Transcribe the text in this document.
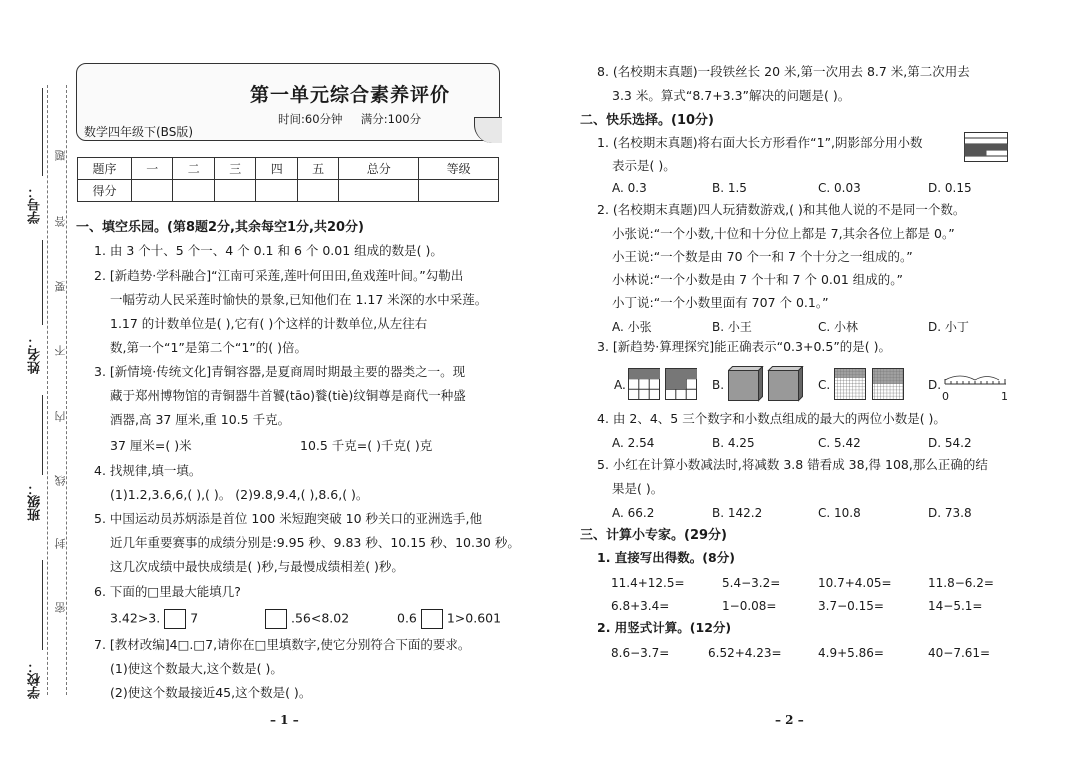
学校：
班级：
姓名：
学号：
题
答
要
不
内
线
封
密
第一单元综合素养评价
时间:60分钟 满分:100分
数学四年级下(BS版)
题序	一	二	三	四	五	总分	等级
得分							
一、填空乐园。(第8题2分,其余每空1分,共20分)
1. 由 3 个十、5 个一、4 个 0.1 和 6 个 0.01 组成的数是( )。
2. [新趋势·学科融合]“江南可采莲,莲叶何田田,鱼戏莲叶间。”勾勒出
一幅劳动人民采莲时愉快的景象,已知他们在 1.17 米深的水中采莲。
1.17 的计数单位是( ),它有( )个这样的计数单位,从左往右
数,第一个“1”是第二个“1”的( )倍。
3. [新情境·传统文化]青铜容器,是夏商周时期最主要的器类之一。现
藏于郑州博物馆的青铜器牛首饕(tāo)餮(tiè)纹铜尊是商代一种盛
酒器,高 37 厘米,重 10.5 千克。
37 厘米=( )米	10.5 千克=( )千克( )克
4. 找规律,填一填。
(1)1.2,3.6,6,( ),( )。 (2)9.8,9.4,( ),8.6,( )。
5. 中国运动员苏炳添是首位 100 米短跑突破 10 秒关口的亚洲选手,他
近几年重要赛事的成绩分别是:9.95 秒、9.83 秒、10.15 秒、10.30 秒。
这几次成绩中最快成绩是( )秒,与最慢成绩相差( )秒。
6. 下面的□里最大能填几?
3.42>3. 7	.56<8.02	0.6 1>0.601
7. [教材改编]4□.□7,请你在□里填数字,使它分别符合下面的要求。
(1)使这个数最大,这个数是( )。
(2)使这个数最接近45,这个数是( )。
– 1 –
8. (名校期末真题)一段铁丝长 20 米,第一次用去 8.7 米,第二次用去
3.3 米。算式“8.7+3.3”解决的问题是( )。
二、快乐选择。(10分)
1. (名校期末真题)将右面大长方形看作“1”,阴影部分用小数
表示是( )。
A. 0.3	B. 1.5	C. 0.03	D. 0.15
2. (名校期末真题)四人玩猜数游戏,( )和其他人说的不是同一个数。
小张说:“一个小数,十位和十分位上都是 7,其余各位上都是 0。”
小王说:“一个数是由 70 个一和 7 个十分之一组成的。”
小林说:“一个小数是由 7 个十和 7 个 0.01 组成的。”
小丁说:“一个小数里面有 707 个 0.1。”
A. 小张	B. 小王	C. 小林	D. 小丁
3. [新趋势·算理探究]能正确表示“0.3+0.5”的是( )。
A.	B.	C.	D.
0	1
4. 由 2、4、5 三个数字和小数点组成的最大的两位小数是( )。
A. 2.54	B. 4.25	C. 5.42	D. 54.2
5. 小红在计算小数减法时,将减数 3.8 错看成 38,得 108,那么正确的结
果是( )。
A. 66.2	B. 142.2	C. 10.8	D. 73.8
三、计算小专家。(29分)
1. 直接写出得数。(8分)
11.4+12.5=	5.4−3.2=	10.7+4.05=	11.8−6.2=
6.8+3.4=	1−0.08=	3.7−0.15=	14−5.1=
2. 用竖式计算。(12分)
8.6−3.7=	6.52+4.23=	4.9+5.86=	40−7.61=
– 2 –
